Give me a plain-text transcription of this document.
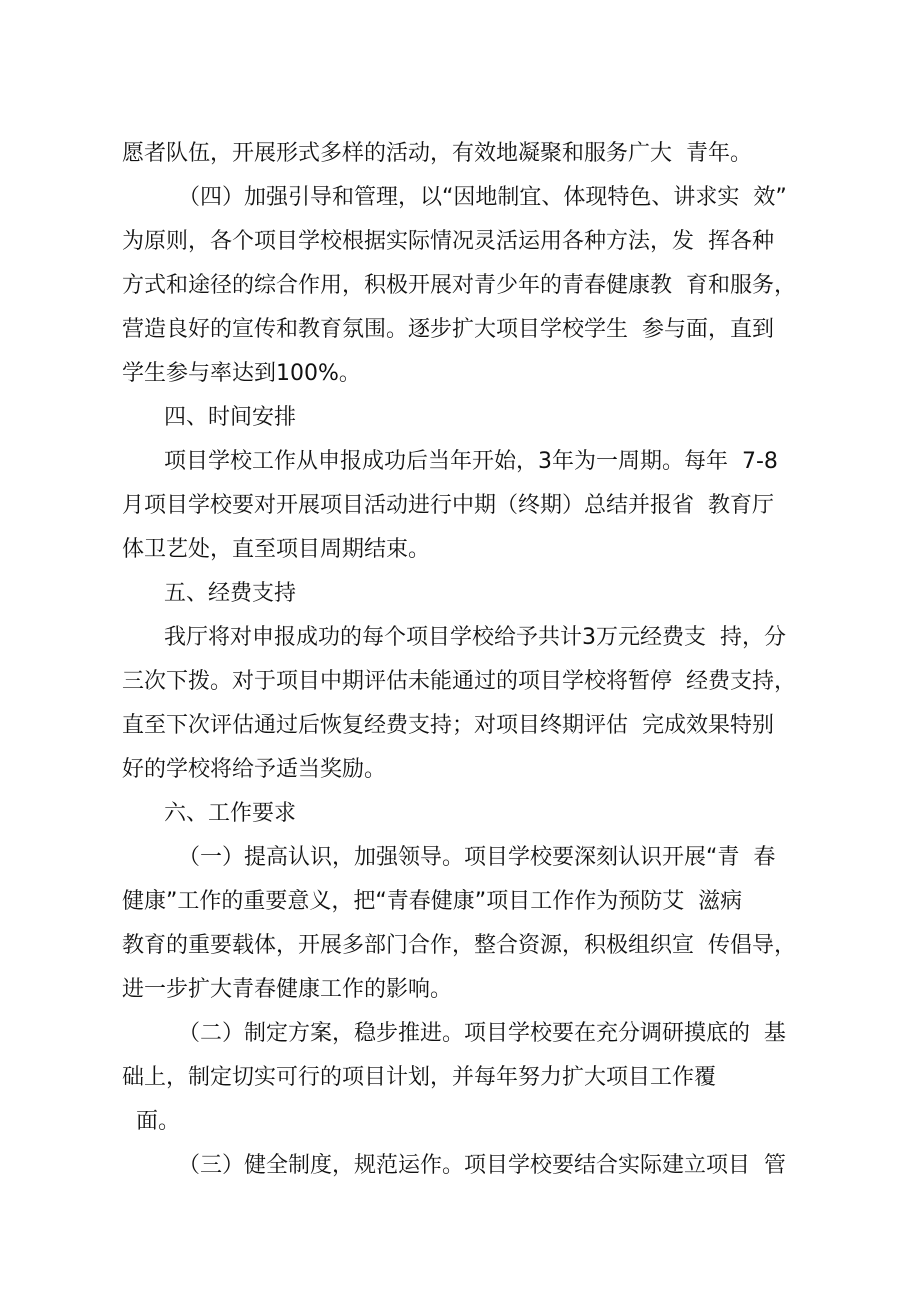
愿者队伍，开展形式多样的活动，有效地凝聚和服务广大  青年。
（四）加强引导和管理，以“因地制宜、体现特色、讲求实  效”
为原则，各个项目学校根据实际情况灵活运用各种方法，发  挥各种
方式和途径的综合作用，积极开展对青少年的青春健康教  育和服务，
营造良好的宣传和教育氛围。逐步扩大项目学校学生  参与面，直到
学生参与率达到100%。
四、时间安排
项目学校工作从申报成功后当年开始，3年为一周期。每年  7-8
月项目学校要对开展项目活动进行中期（终期）总结并报省  教育厅
体卫艺处，直至项目周期结束。
五、经费支持
我厅将对申报成功的每个项目学校给予共计3万元经费支  持，分
三次下拨。对于项目中期评估未能通过的项目学校将暂停  经费支持，
直至下次评估通过后恢复经费支持；对项目终期评估  完成效果特别
好的学校将给予适当奖励。
六、工作要求
（一）提高认识，加强领导。项目学校要深刻认识开展“青  春
健康”工作的重要意义，把“青春健康”项目工作作为预防艾  滋病
教育的重要载体，开展多部门合作，整合资源，积极组织宣  传倡导，
进一步扩大青春健康工作的影响。
（二）制定方案，稳步推进。项目学校要在充分调研摸底的  基
础上，制定切实可行的项目计划，并每年努力扩大项目工作覆
面。
（三）健全制度，规范运作。项目学校要结合实际建立项目  管
